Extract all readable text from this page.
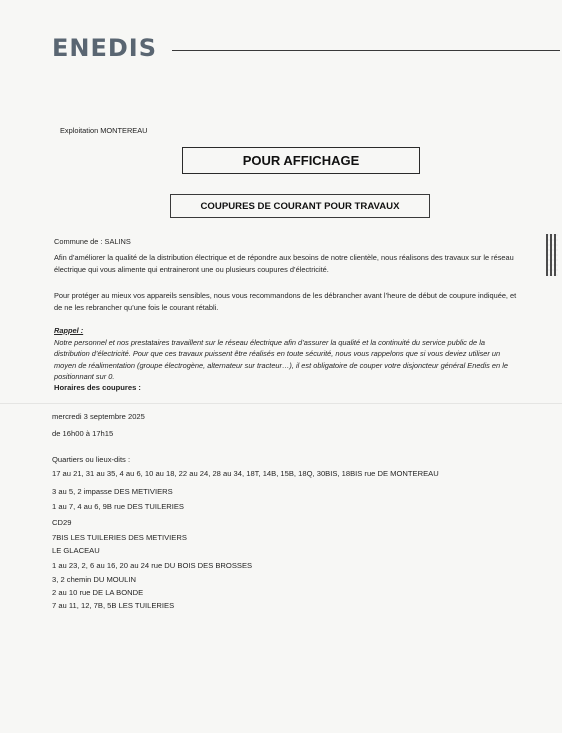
ENEDIS
Exploitation MONTEREAU
POUR AFFICHAGE
COUPURES DE COURANT POUR TRAVAUX
Commune de : SALINS
Afin d’améliorer la qualité de la distribution électrique et de répondre aux besoins de notre clientèle, nous réalisons des travaux sur le réseau électrique qui vous alimente qui entraineront une ou plusieurs coupures d’électricité.
Pour protéger au mieux vos appareils sensibles, nous vous recommandons de les débrancher avant l’heure de début de coupure indiquée, et de ne les rebrancher qu’une fois le courant rétabli.
Rappel :
Notre personnel et nos prestataires travaillent sur le réseau électrique afin d’assurer la qualité et la continuité du service public de la distribution d’électricité. Pour que ces travaux puissent être réalisés en toute sécurité, nous vous rappelons que si vous deviez utiliser un moyen de réalimentation (groupe électrogène, alternateur sur tracteur…), il est obligatoire de couper votre disjoncteur général Enedis en le positionnant sur 0.
Horaires des coupures :
mercredi 3 septembre 2025
de 16h00 à 17h15
Quartiers ou lieux-dits :
17 au 21, 31 au 35, 4 au 6, 10 au 18, 22 au 24, 28 au 34, 18T, 14B, 15B, 18Q, 30BIS, 18BIS rue DE MONTEREAU
3 au 5, 2 impasse DES METIVIERS
1 au 7, 4 au 6, 9B rue DES TUILERIES
CD29
7BIS LES TUILERIES DES METIVIERS
LE GLACEAU
1 au 23, 2, 6 au 16, 20 au 24 rue DU BOIS DES BROSSES
3, 2 chemin DU MOULIN
2 au 10 rue DE LA BONDE
7 au 11, 12, 7B, 5B LES TUILERIES
